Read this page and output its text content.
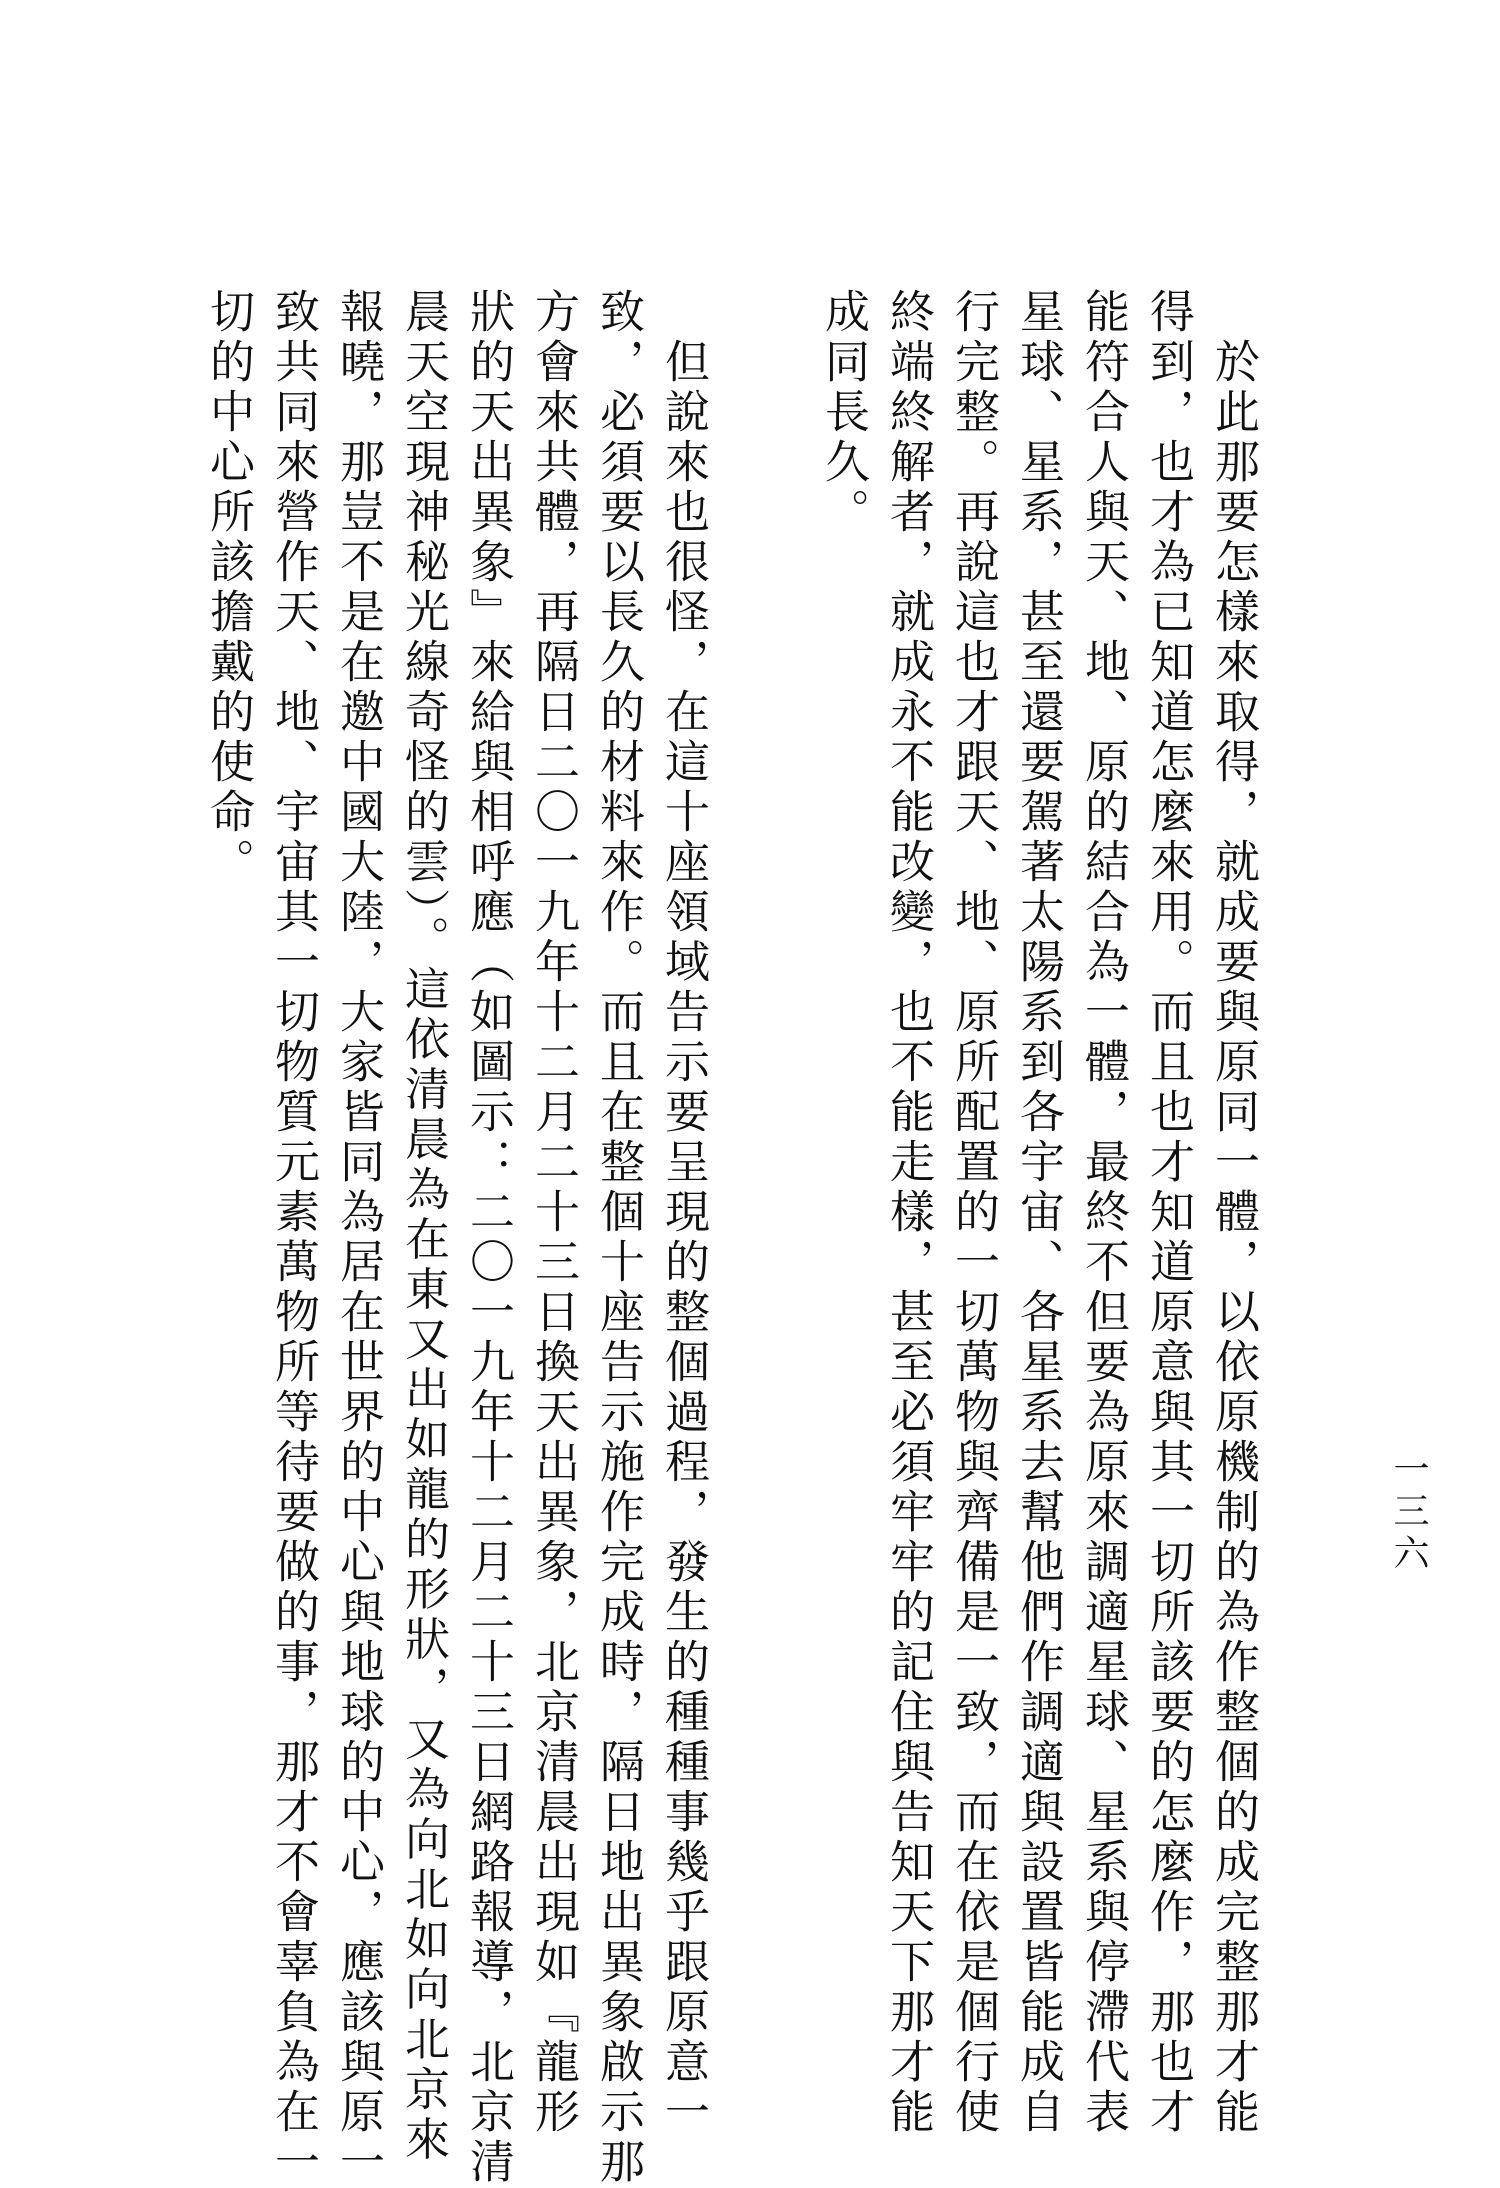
　於此那要怎樣來取得，就成要與原同一體，以依原機制的為作整個的成完整那才能
得到，也才為已知道怎麼來用。而且也才知道原意與其一切所該要的怎麼作，那也才
能符合人與天、地、原的結合為一體，最終不但要為原來調適星球、星系與停滯代表
星球、星系，甚至還要駕著太陽系到各宇宙、各星系去幫他們作調適與設置皆能成自
行完整。再說這也才跟天、地、原所配置的一切萬物與齊備是一致，而在依是個行使
終端終解者，就成永不能改變，也不能走樣，甚至必須牢牢的記住與告知天下那才能
成同長久。
　但說來也很怪，在這十座領域告示要呈現的整個過程，發生的種種事幾乎跟原意一
致，必須要以長久的材料來作。而且在整個十座告示施作完成時，隔日地出異象啟示那
方會來共體，再隔日二〇一九年十二月二十三日換天出異象，北京清晨出現如『龍形
狀的天出異象』來給與相呼應（如圖示：二〇一九年十二月二十三日網路報導，北京清
晨天空現神秘光線奇怪的雲）。這依清晨為在東又出如龍的形狀，又為向北如向北京來
報曉，那豈不是在邀中國大陸，大家皆同為居在世界的中心與地球的中心，應該與原一
致共同來營作天、地、宇宙其一切物質元素萬物所等待要做的事，那才不會辜負為在一
切的中心所該擔戴的使命。
一三六
